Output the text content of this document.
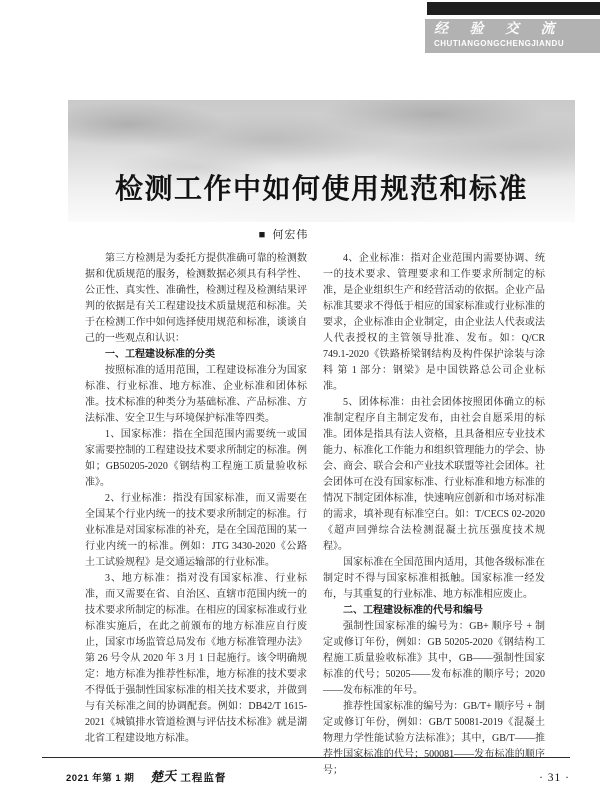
经 验 交 流
CHUTIANGONGCHENGJIANDU
检测工作中如何使用规范和标准
■ 何宏伟

第三方检测是为委托方提供准确可靠的检测数据和优质规范的服务，检测数据必须具有科学性、公正性、真实性、准确性，检测过程及检测结果评判的依据是有关工程建设技术质量规范和标准。关于在检测工作中如何选择使用规范和标准，谈谈自己的一些观点和认识：

一、工程建设标准的分类

按照标准的适用范围，工程建设标准分为国家标准、行业标准、地方标准、企业标准和团体标准。技术标准的种类分为基础标准、产品标准、方法标准、安全卫生与环境保护标准等四类。

1、国家标准：指在全国范围内需要统一或国家需要控制的工程建设技术要求所制定的标准。例如；GB50205-2020《钢结构工程施工质量验收标准》。

2、行业标准：指没有国家标准，而又需要在全国某个行业内统一的技术要求所制定的标准。行业标准是对国家标准的补充，是在全国范围的某一行业内统一的标准。例如：JTG 3430-2020《公路土工试验规程》是交通运输部的行业标准。

3、地方标准：指对没有国家标准、行业标准，而又需要在省、自治区、直辖市范围内统一的技术要求所制定的标准。在相应的国家标准或行业标准实施后，在此之前颁布的地方标准应自行废止，国家市场监管总局发布《地方标准管理办法》第 26 号令从 2020 年 3 月 1 日起施行。该令明确规定：地方标准为推荐性标准，地方标准的技术要求不得低于强制性国家标准的相关技术要求，并做到与有关标准之间的协调配套。例如：DB42/T 1615-2021《城镇排水管道检测与评估技术标准》就是湖北省工程建设地方标准。

4、企业标准：指对企业范围内需要协调、统一的技术要求、管理要求和工作要求所制定的标准，是企业组织生产和经营活动的依据。企业产品标准其要求不得低于相应的国家标准或行业标准的要求，企业标准由企业制定，由企业法人代表或法人代表授权的主管领导批准、发布。如：Q/CR 749.1-2020《铁路桥梁钢结构及构件保护涂装与涂料 第 1 部分：钢梁》是中国铁路总公司企业标准。

5、团体标准：由社会团体按照团体确立的标准制定程序自主制定发布，由社会自愿采用的标准。团体是指具有法人资格，且具备相应专业技术能力、标准化工作能力和组织管理能力的学会、协会、商会、联合会和产业技术联盟等社会团体。社会团体可在没有国家标准、行业标准和地方标准的情况下制定团体标准，快速响应创新和市场对标准的需求，填补现有标准空白。如：T/CECS 02-2020《超声回弹综合法检测混凝土抗压强度技术规程》。

国家标准在全国范围内适用，其他各级标准在制定时不得与国家标准相抵触。国家标准一经发布，与其重复的行业标准、地方标准相应废止。

二、工程建设标准的代号和编号

强制性国家标准的编号为：GB+ 顺序号 + 制定或修订年份，例如：GB 50205-2020《钢结构工程施工质量验收标准》其中，GB——强制性国家标准的代号；50205——发布标准的顺序号；2020——发布标准的年号。

推荐性国家标准的编号为：GB/T+ 顺序号 + 制定或修订年份，例如：GB/T 50081-2019《混凝土物理力学性能试验方法标准》；其中，GB/T——推荐性国家标准的代号；500081——发布标准的顺序号；

2021 年第 1 期 楚天 工程监督	· 31 ·
